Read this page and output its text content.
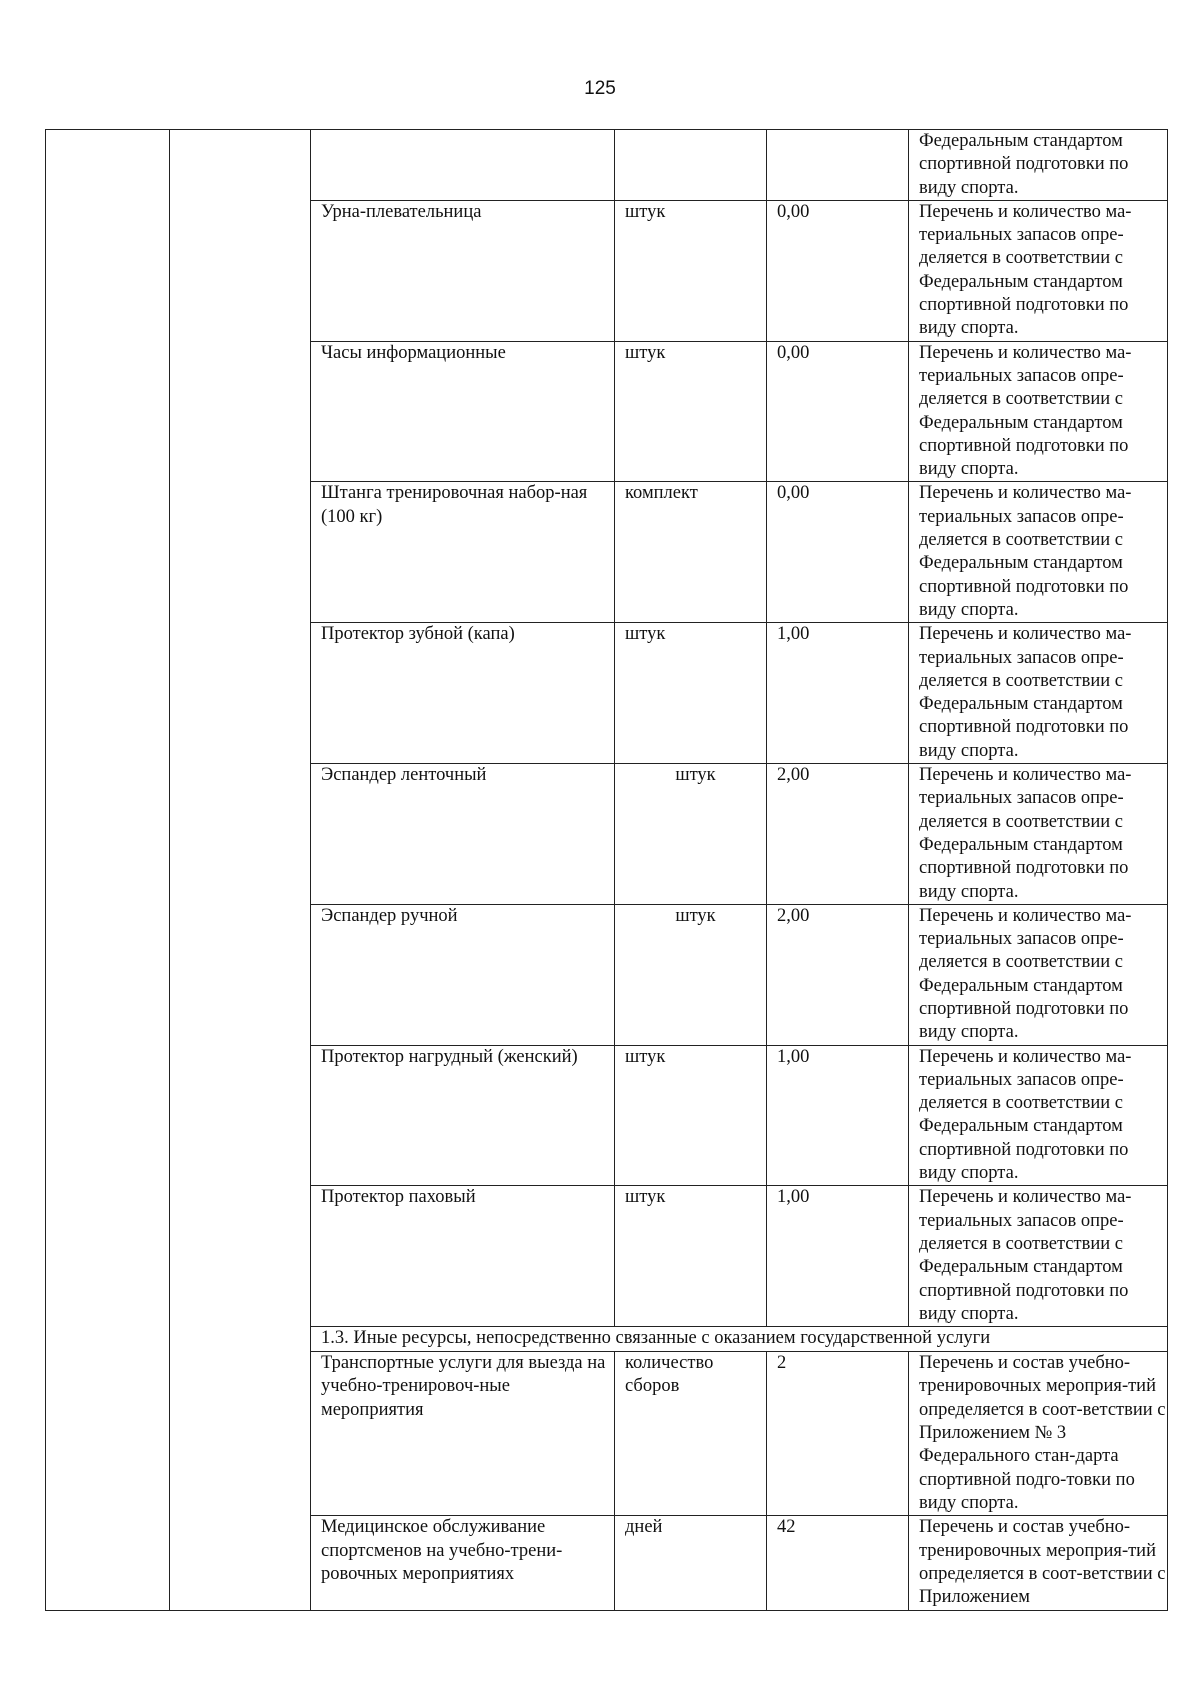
125
					Федеральным стандартом спортивной подготовки по виду спорта.
		Урна-плевательница	штук	0,00	Перечень и количество ма-териальных запасов опре-деляется в соответствии с Федеральным стандартом спортивной подготовки по виду спорта.
		Часы информационные	штук	0,00	Перечень и количество ма-териальных запасов опре-деляется в соответствии с Федеральным стандартом спортивной подготовки по виду спорта.
		Штанга тренировочная набор-ная (100 кг)	комплект	0,00	Перечень и количество ма-териальных запасов опре-деляется в соответствии с Федеральным стандартом спортивной подготовки по виду спорта.
		Протектор зубной (капа)	штук	1,00	Перечень и количество ма-териальных запасов опре-деляется в соответствии с Федеральным стандартом спортивной подготовки по виду спорта.
		Эспандер ленточный	штук	2,00	Перечень и количество ма-териальных запасов опре-деляется в соответствии с Федеральным стандартом спортивной подготовки по виду спорта.
		Эспандер ручной	штук	2,00	Перечень и количество ма-териальных запасов опре-деляется в соответствии с Федеральным стандартом спортивной подготовки по виду спорта.
		Протектор нагрудный (женский)	штук	1,00	Перечень и количество ма-териальных запасов опре-деляется в соответствии с Федеральным стандартом спортивной подготовки по виду спорта.
		Протектор паховый	штук	1,00	Перечень и количество ма-териальных запасов опре-деляется в соответствии с Федеральным стандартом спортивной подготовки по виду спорта.
		1.3. Иные ресурсы, непосредственно связанные с оказанием государственной услуги			
		Транспортные услуги для выезда на учебно-тренировоч-ные мероприятия	количество сборов	2	Перечень и состав учебно-тренировочных мероприя-тий определяется в соот-ветствии с Приложением № 3 Федерального стан-дарта спортивной подго-товки по виду спорта.
		Медицинское обслуживание спортсменов на учебно-трени-ровочных мероприятиях	дней	42	Перечень и состав учебно-тренировочных мероприя-тий определяется в соот-ветствии с Приложением
